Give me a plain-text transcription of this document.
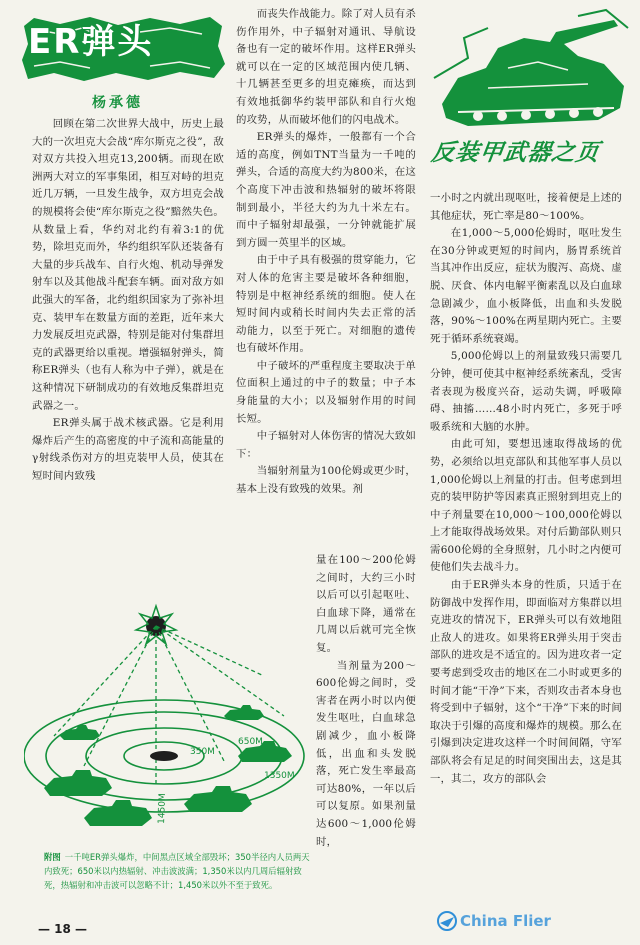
ER弹头
杨承德

回顾在第二次世界大战中，历史上最大的一次坦克大会战“库尔斯克之役”，敌对双方共投入坦克13,200辆。而现在欧洲两大对立的军事集团，相互对峙的坦克近几万辆，一旦发生战争，双方坦克会战的规模将会使“库尔斯克之役”黯然失色。从数量上看，华约对北约有着3:1的优势，除坦克而外，华约组织军队还装备有大量的步兵战车、自行火炮、机动导弹发射车以及其他战斗配套车辆。面对敌方如此强大的军备，北约组织国家为了弥补坦克、装甲车在数量方面的差距，近年来大力发展反坦克武器，特别是能对付集群坦克的武器更给以重视。增强辐射弹头，简称ER弹头（也有人称为中子弹），就是在这种情况下研制成功的有效地反集群坦克武器之一。

ER弹头属于战术核武器。它是利用爆炸后产生的高密度的中子流和高能量的γ射线杀伤对方的坦克装甲人员，使其在短时间内致残

而丧失作战能力。除了对人员有杀伤作用外，中子辐射对通讯、导航设备也有一定的破坏作用。这样ER弹头就可以在一定的区域范围内使几辆、十几辆甚至更多的坦克瘫痪，而达到有效地抵御华约装甲部队和自行火炮的攻势，从而破坏他们的闪电战术。

ER弹头的爆炸，一般都有一个合适的高度，例如TNT当量为一千吨的弹头，合适的高度大约为800米，在这个高度下冲击波和热辐射的破坏将限制到最小，半径大约为九十米左右。而中子辐射却最强，一分钟就能扩展到方圆一英里半的区域。

由于中子具有极强的贯穿能力，它对人体的危害主要是破坏各种细胞，特别是中枢神经系统的细胞。使人在短时间内或稍长时间内失去正常的活动能力，以至于死亡。对细胞的遗传也有破坏作用。

中子破坏的严重程度主要取决于单位面积上通过的中子的数量；中子本身能量的大小；以及辐射作用的时间长短。

中子辐射对人体伤害的情况大致如下：

当辐射剂量为100伦姆或更少时，基本上没有致残的效果。剂

量在100～200伦姆之间时，大约三小时以后可以引起呕吐、白血球下降，通常在几周以后就可完全恢复。

当剂量为200～600伦姆之间时，受害者在两小时以内便发生呕吐，白血球急剧减少，血小板降低，出血和头发脱落，死亡发生率最高可达80%，一年以后可以复原。如果剂量达600～1,000伦姆时，

反装甲武器之页

一小时之内就出现呕吐，接着便是上述的其他症状，死亡率是80～100%。

在1,000～5,000伦姆时，呕吐发生在30分钟或更短的时间内，肠胃系统首当其冲作出反应，症状为腹泻、高烧、虚脱、厌食、体内电解平衡素乱以及白血球急剧减少，血小板降低，出血和头发脱落，90%～100%在两星期内死亡。主要死于循环系统衰竭。

5,000伦姆以上的剂量致残只需要几分钟，便可使其中枢神经系统紊乱，受害者表现为极度兴奋，运动失调，呼吸障碍、抽搐……48小时内死亡，多死于呼吸系统和大脑的水肿。

由此可知，要想迅速取得战场的优势，必须给以坦克部队和其他军事人员以1,000伦姆以上剂量的打击。但考虑到坦克的装甲防护等因素真正照射到坦克上的中子剂量要在10,000～100,000伦姆以上才能取得战场效果。对付后勤部队则只需600伦姆的全身照射，几小时之内便可使他们失去战斗力。

由于ER弹头本身的性质，只适于在防御战中发挥作用，即面临对方集群以坦克进攻的情况下，ER弹头可以有效地阻止敌人的进攻。如果将ER弹头用于突击部队的进攻是不适宜的。因为进攻者一定要考虑到受攻击的地区在二小时或更多的时间才能“干净”下来，否则攻击者本身也将受到中子辐射，这个“干净”下来的时间取决于引爆的高度和爆炸的规模。那么在引爆到决定进攻这样一个时间间隔，守军部队将会有足足的时间突围出去，这是其一，其二，攻方的部队会

350M
650M
1350M
1450M
附图 一千吨ER弹头爆炸，中间黑点区域全部毁坏；350半径内人员两天内致死；650米以内热辐射、冲击波波满；1,350米以内几周后辐射致死，热辐射和冲击波可以忽略不计；1,450米以外不至于致死。
— 18 —	China Flier
